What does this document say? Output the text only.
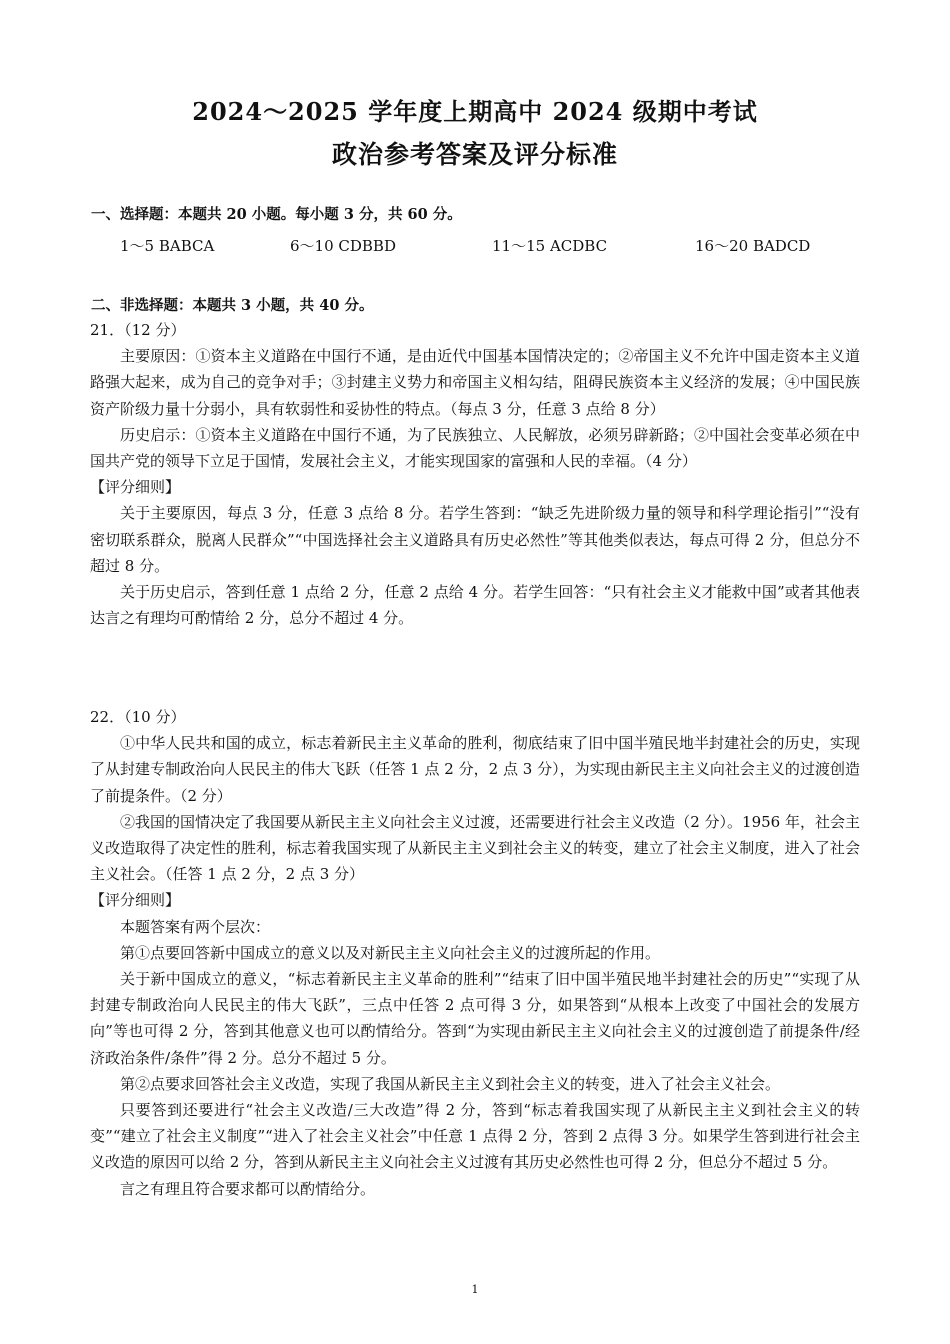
2024～2025 学年度上期高中 2024 级期中考试
政治参考答案及评分标准
一、选择题：本题共 20 小题。每小题 3 分，共 60 分。
1～5 BABCA	6～10 CDBBD	11～15 ACDBC	16～20 BADCD
二、非选择题：本题共 3 小题，共 40 分。

21．（12 分）

主要原因：①资本主义道路在中国行不通，是由近代中国基本国情决定的；②帝国主义不允许中国走资本主义道路强大起来，成为自己的竞争对手；③封建主义势力和帝国主义相勾结，阻碍民族资本主义经济的发展；④中国民族资产阶级力量十分弱小，具有软弱性和妥协性的特点。（每点 3 分，任意 3 点给 8 分）

历史启示：①资本主义道路在中国行不通，为了民族独立、人民解放，必须另辟新路；②中国社会变革必须在中国共产党的领导下立足于国情，发展社会主义，才能实现国家的富强和人民的幸福。（4 分）

【评分细则】

关于主要原因，每点 3 分，任意 3 点给 8 分。若学生答到：“缺乏先进阶级力量的领导和科学理论指引”“没有密切联系群众，脱离人民群众”“中国选择社会主义道路具有历史必然性”等其他类似表达，每点可得 2 分，但总分不超过 8 分。

关于历史启示，答到任意 1 点给 2 分，任意 2 点给 4 分。若学生回答：“只有社会主义才能救中国”或者其他表达言之有理均可酌情给 2 分，总分不超过 4 分。

22．（10 分）

①中华人民共和国的成立，标志着新民主主义革命的胜利，彻底结束了旧中国半殖民地半封建社会的历史，实现了从封建专制政治向人民民主的伟大飞跃（任答 1 点 2 分，2 点 3 分），为实现由新民主主义向社会主义的过渡创造了前提条件。（2 分）

②我国的国情决定了我国要从新民主主义向社会主义过渡，还需要进行社会主义改造（2 分）。1956 年，社会主义改造取得了决定性的胜利，标志着我国实现了从新民主主义到社会主义的转变，建立了社会主义制度，进入了社会主义社会。（任答 1 点 2 分，2 点 3 分）

【评分细则】

本题答案有两个层次：

第①点要回答新中国成立的意义以及对新民主主义向社会主义的过渡所起的作用。

关于新中国成立的意义，“标志着新民主主义革命的胜利”“结束了旧中国半殖民地半封建社会的历史”“实现了从封建专制政治向人民民主的伟大飞跃”，三点中任答 2 点可得 3 分，如果答到“从根本上改变了中国社会的发展方向”等也可得 2 分，答到其他意义也可以酌情给分。答到“为实现由新民主主义向社会主义的过渡创造了前提条件/经济政治条件/条件”得 2 分。总分不超过 5 分。

第②点要求回答社会主义改造，实现了我国从新民主主义到社会主义的转变，进入了社会主义社会。

只要答到还要进行“社会主义改造/三大改造”得 2 分，答到“标志着我国实现了从新民主主义到社会主义的转变”“建立了社会主义制度”“进入了社会主义社会”中任意 1 点得 2 分，答到 2 点得 3 分。如果学生答到进行社会主义改造的原因可以给 2 分，答到从新民主主义向社会主义过渡有其历史必然性也可得 2 分，但总分不超过 5 分。

言之有理且符合要求都可以酌情给分。

1
